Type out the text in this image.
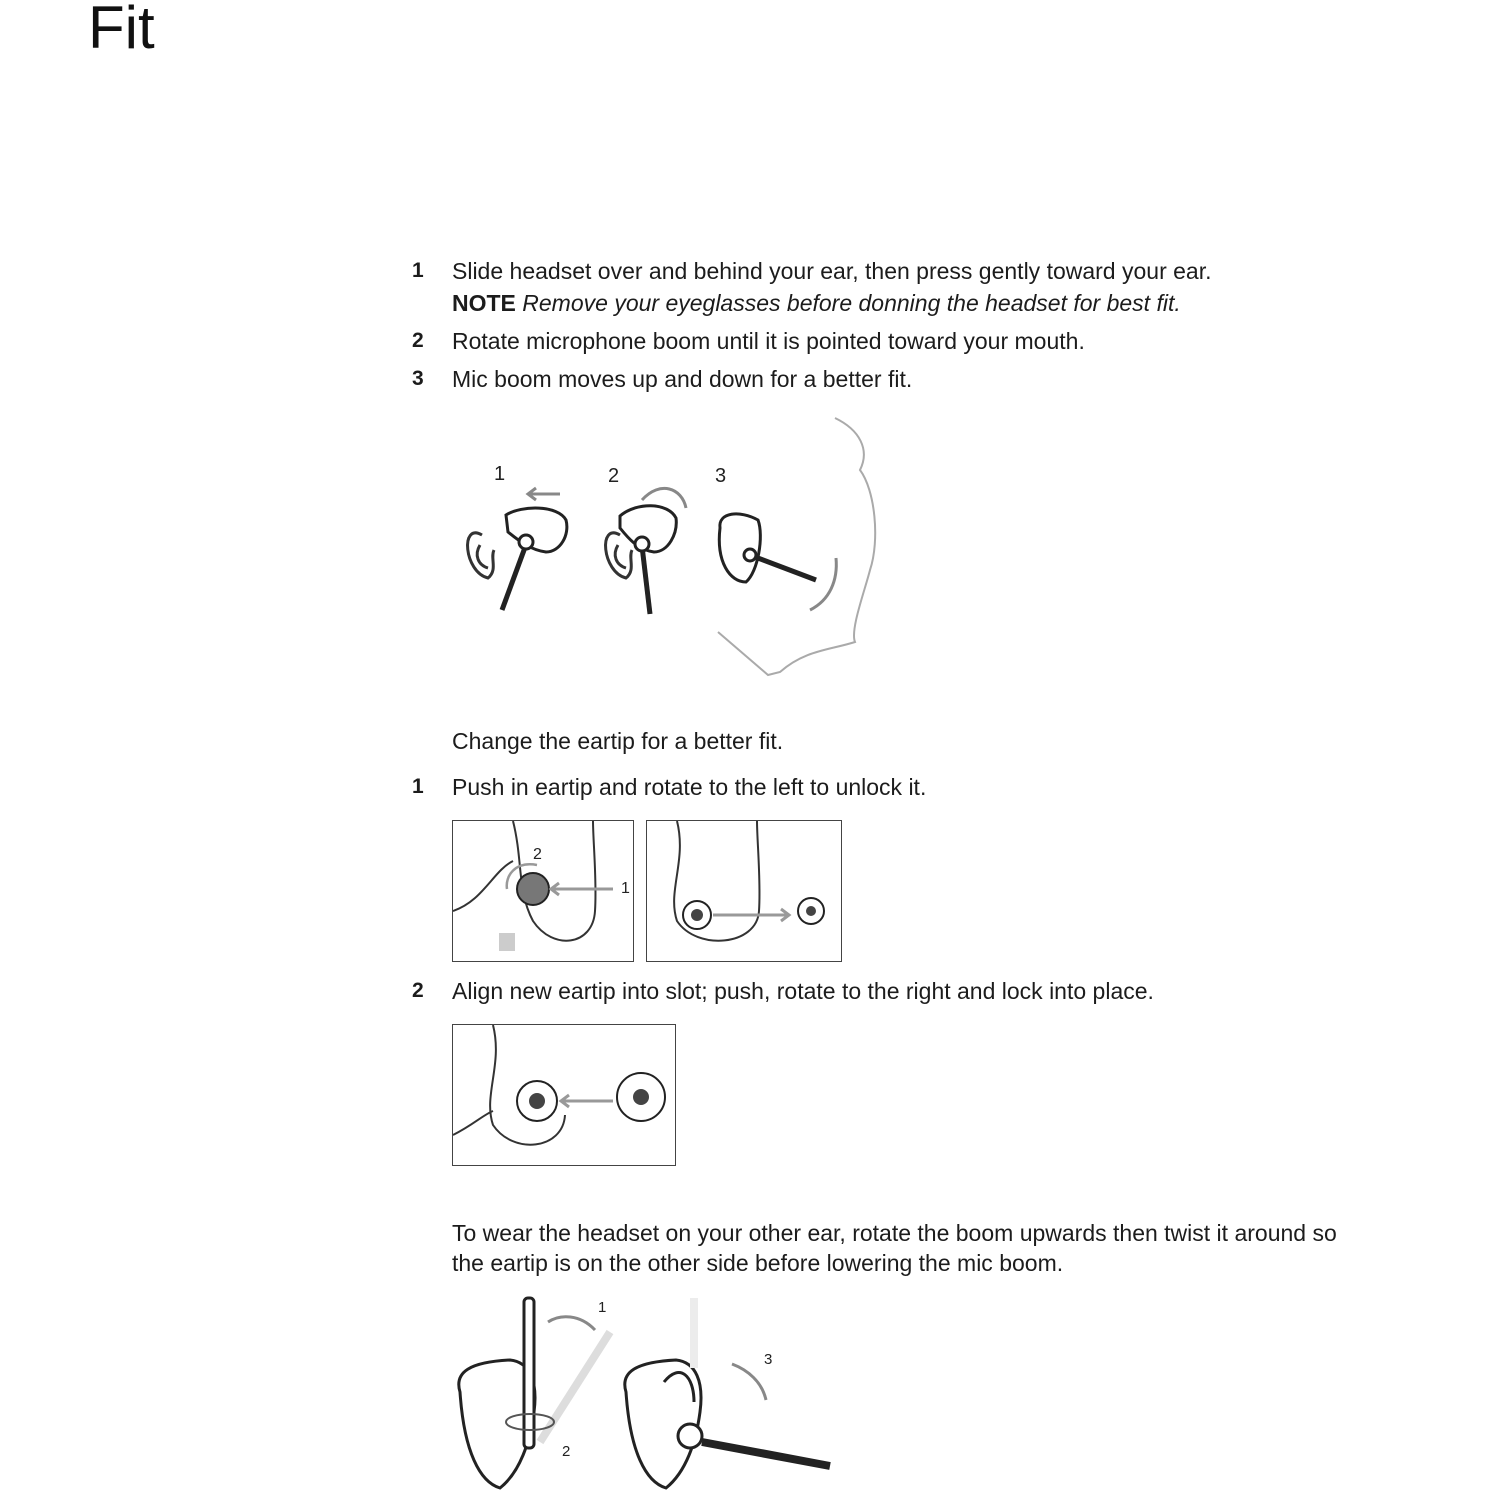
Fit
1 Slide headset over and behind your ear, then press gently toward your ear.
NOTE Remove your eyeglasses before donning the headset for best fit.
2 Rotate microphone boom until it is pointed toward your mouth.
3 Mic boom moves up and down for a better fit.
1	2	3
Change the eartip for a better fit.
1 Push in eartip and rotate to the left to unlock it.
1
2
2 Align new eartip into slot; push, rotate to the right and lock into place.
To wear the headset on your other ear, rotate the boom upwards then twist it around so
the eartip is on the other side before lowering the mic boom.
1
2
3
